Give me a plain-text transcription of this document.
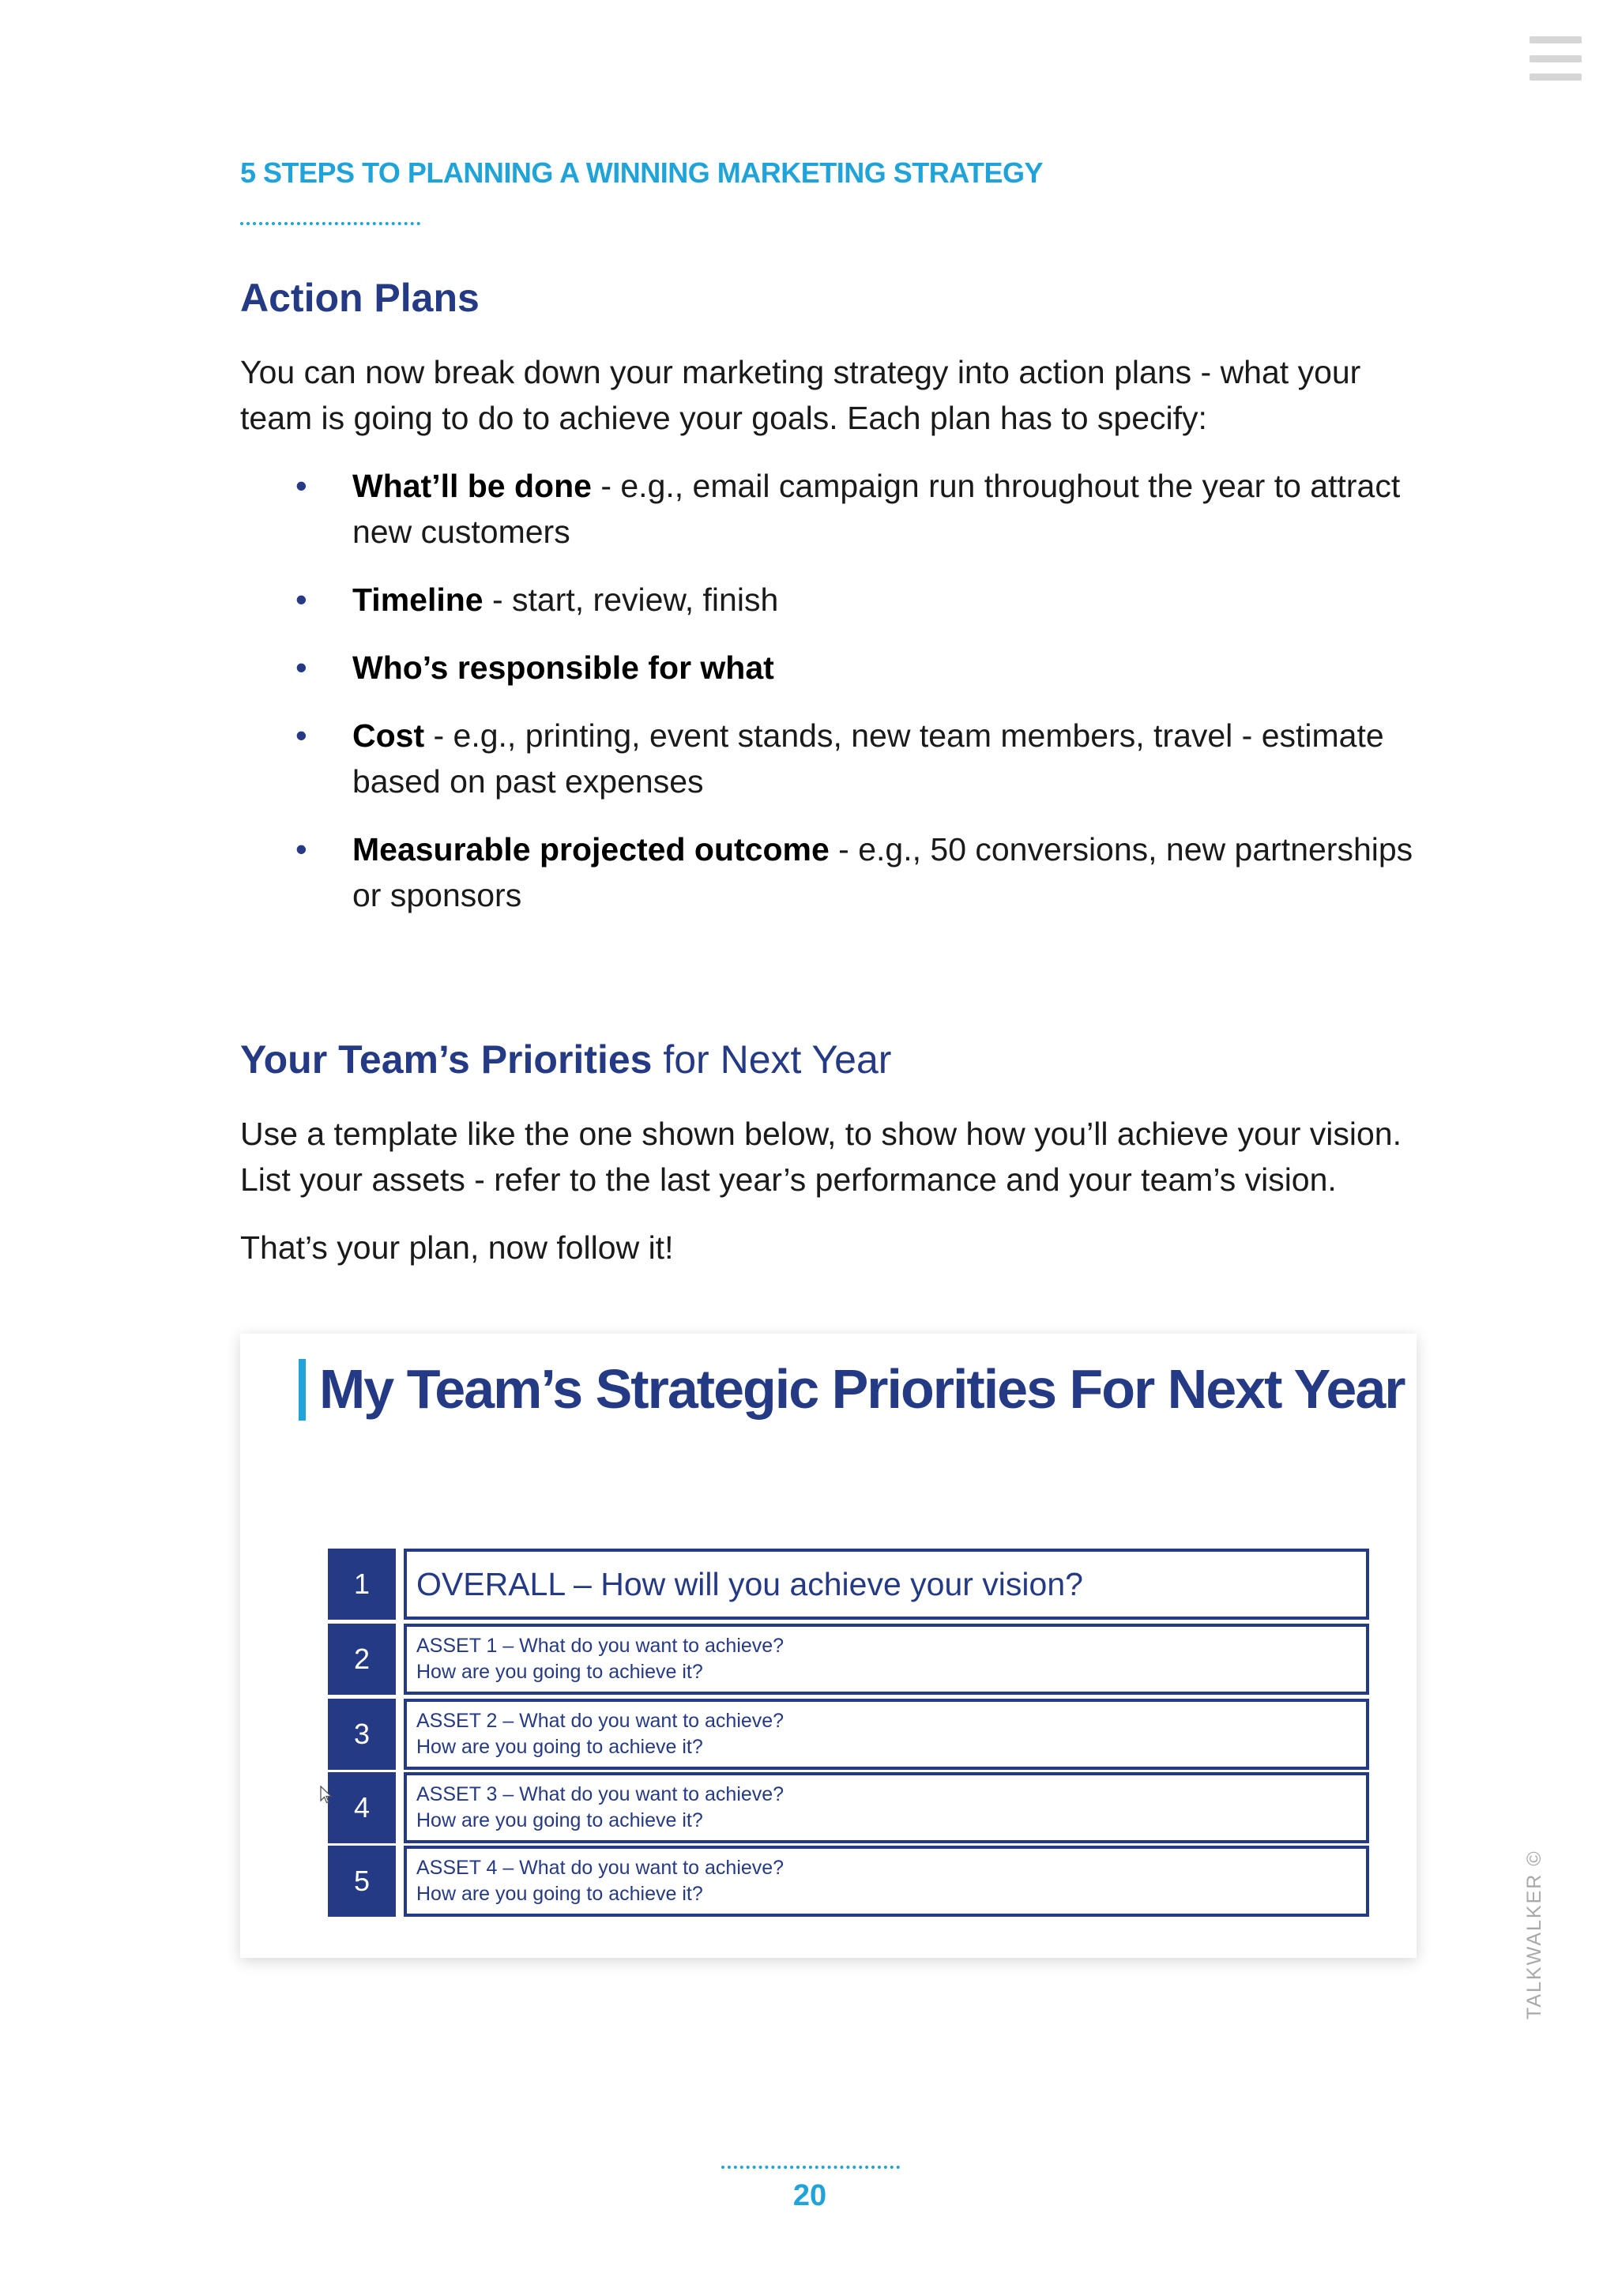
5 STEPS TO PLANNING A WINNING MARKETING STRATEGY
Action Plans

You can now break down your marketing strategy into action plans - what your team is going to do to achieve your goals. Each plan has to specify:

• What’ll be done - e.g., email campaign run throughout the year to attract new customers
• Timeline - start, review, finish
• Who’s responsible for what
• Cost - e.g., printing, event stands, new team members, travel - estimate based on past expenses
• Measurable projected outcome - e.g., 50 conversions, new partnerships or sponsors
Your Team’s Priorities for Next Year

Use a template like the one shown below, to show how you’ll achieve your vision. List your assets - refer to the last year’s performance and your team’s vision.

That’s your plan, now follow it!

My Team’s Strategic Priorities For Next Year
1	OVERALL – How will you achieve your vision?
2	ASSET 1 – What do you want to achieve?
How are you going to achieve it?
3	ASSET 2 – What do you want to achieve?
How are you going to achieve it?
4	ASSET 3 – What do you want to achieve?
How are you going to achieve it?
5	ASSET 4 – What do you want to achieve?
How are you going to achieve it?	TALKWALKER ©
20
